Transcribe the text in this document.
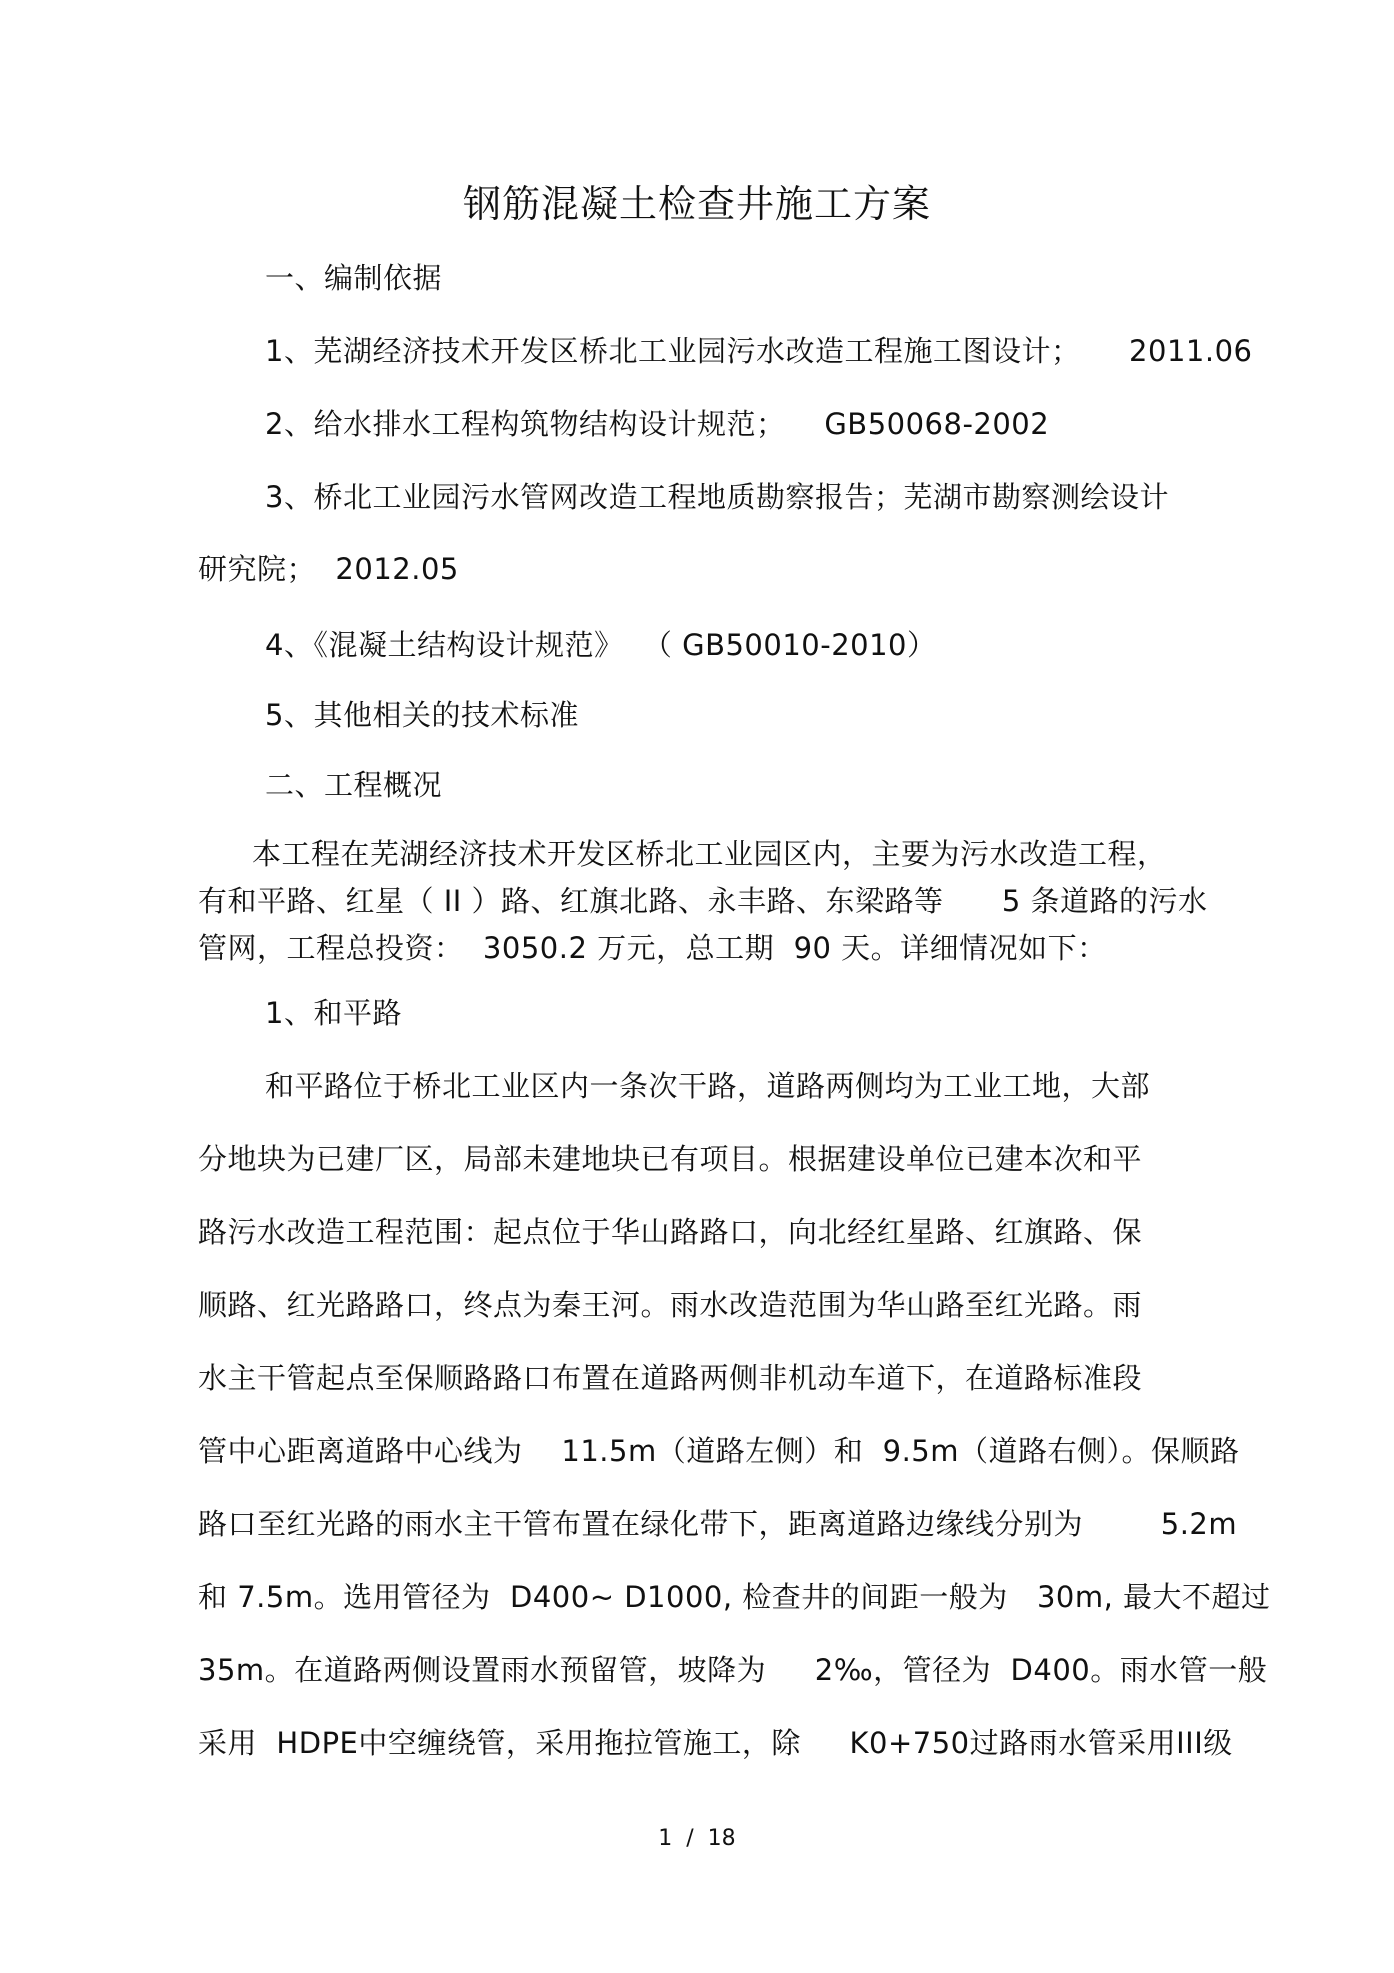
钢筋混凝土检查井施工方案
一、编制依据
1、芜湖经济技术开发区桥北工业园污水改造工程施工图设计；     2011.06
2、给水排水工程构筑物结构设计规范；    GB50068-2002
3、桥北工业园污水管网改造工程地质勘察报告；芜湖市勘察测绘设计
研究院；  2012.05
4、《混凝土结构设计规范》  （ GB50010-2010）
5、其他相关的技术标准
二、工程概况
本工程在芜湖经济技术开发区桥北工业园区内，主要为污水改造工程，
有和平路、红星（ II ）路、红旗北路、永丰路、东梁路等      5 条道路的污水
管网，工程总投资：  3050.2 万元，总工期  90 天。详细情况如下：
1、和平路
和平路位于桥北工业区内一条次干路，道路两侧均为工业工地，大部
分地块为已建厂区，局部未建地块已有项目。根据建设单位已建本次和平
路污水改造工程范围：起点位于华山路路口，向北经红星路、红旗路、保
顺路、红光路路口，终点为秦王河。雨水改造范围为华山路至红光路。雨
水主干管起点至保顺路路口布置在道路两侧非机动车道下，在道路标准段
管中心距离道路中心线为    11.5m（道路左侧）和  9.5m（道路右侧）。保顺路
路口至红光路的雨水主干管布置在绿化带下，距离道路边缘线分别为        5.2m
和 7.5m。选用管径为  D400~ D1000, 检查井的间距一般为   30m, 最大不超过
35m。在道路两侧设置雨水预留管，坡降为     2‰，管径为  D400。雨水管一般
采用  HDPE中空缠绕管，采用拖拉管施工，除     K0+750过路雨水管采用III级
1  /  18
